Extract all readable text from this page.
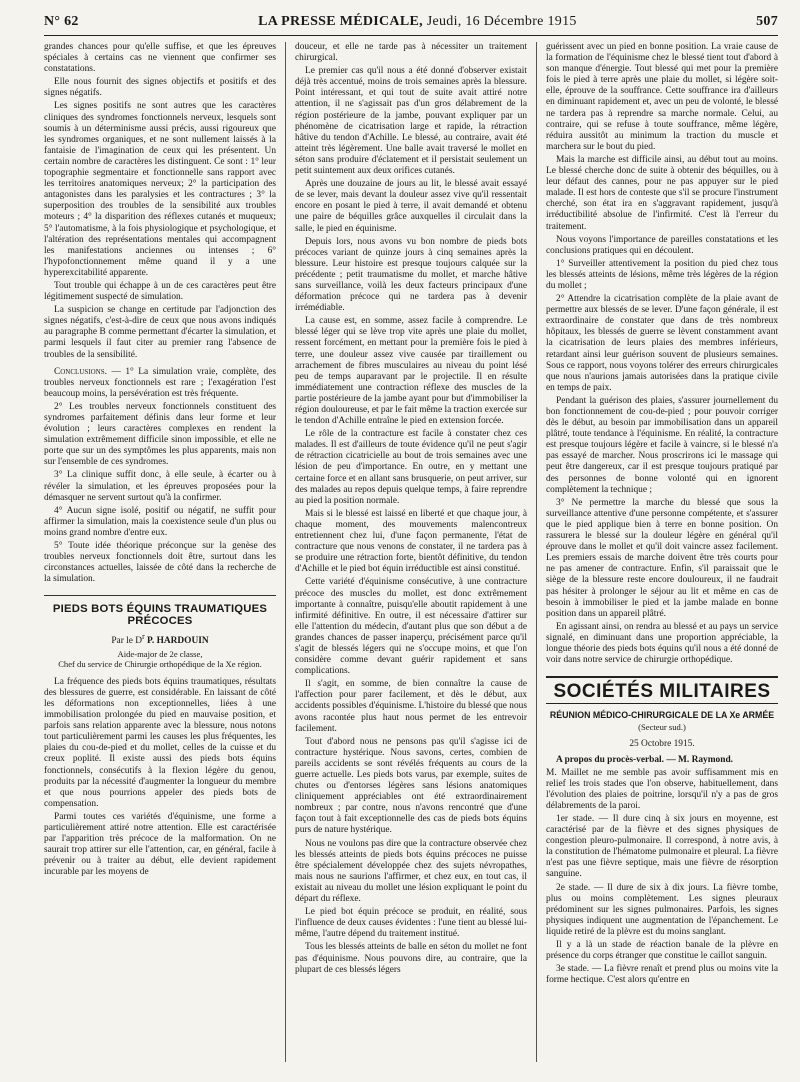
N° 62	LA PRESSE MÉDICALE, Jeudi, 16 Décembre 1915	507

grandes chances pour qu'elle suffise, et que les épreuves spéciales à certains cas ne viennent que confirmer ses constatations.

Elle nous fournit des signes objectifs et positifs et des signes négatifs.

Les signes positifs ne sont autres que les caractères cliniques des syndromes fonctionnels nerveux, lesquels sont soumis à un déterminisme aussi précis, aussi rigoureux que les syndromes organiques, et ne sont nullement laissés à la fantaisie de l'imagination de ceux qui les présentent. Un certain nombre de caractères les distinguent. Ce sont : 1° leur topographie segmentaire et fonctionnelle sans rapport avec les territoires anatomiques nerveux; 2° la participation des antagonistes dans les paralysies et les contractures ; 3° la superposition des troubles de la sensibilité aux troubles moteurs ; 4° la disparition des réflexes cutanés et muqueux; 5° l'automatisme, à la fois physiologique et psychologique, et l'altération des représentations mentales qui accompagnent les manifestations anciennes ou intenses ; 6° l'hypofonctionnement même quand il y a une hyperexcitabilité apparente.

Tout trouble qui échappe à un de ces caractères peut être légitimement suspecté de simulation.

La suspicion se change en certitude par l'adjonction des signes négatifs, c'est-à-dire de ceux que nous avons indiqués au paragraphe B comme permettant d'écarter la simulation, et parmi lesquels il faut citer au premier rang l'absence de troubles de la sensibilité.

Conclusions. — 1° La simulation vraie, complète, des troubles nerveux fonctionnels est rare ; l'exagération l'est beaucoup moins, la persévération est très fréquente.

2° Les troubles nerveux fonctionnels constituent des syndromes parfaitement définis dans leur forme et leur évolution ; leurs caractères complexes en rendent la simulation extrêmement difficile sinon impossible, et elle ne porte que sur un des symptômes les plus apparents, mais non sur l'ensemble de ces syndromes.

3° La clinique suffit donc, à elle seule, à écarter ou à révéler la simulation, et les épreuves proposées pour la démasquer ne servent surtout qu'à la confirmer.

4° Aucun signe isolé, positif ou négatif, ne suffit pour affirmer la simulation, mais la coexistence seule d'un plus ou moins grand nombre d'entre eux.

5° Toute idée théorique préconçue sur la genèse des troubles nerveux fonctionnels doit être, surtout dans les circonstances actuelles, laissée de côté dans la recherche de la simulation.

PIEDS BOTS ÉQUINS TRAUMATIQUES PRÉCOCES
Par le $D^r$ P. HARDOUIN
Aide-major de 2e classe,
Chef du service de Chirurgie orthopédique de la Xe région.

La fréquence des pieds bots équins traumatiques, résultats des blessures de guerre, est considérable. En laissant de côté les déformations non exceptionnelles, liées à une immobilisation prolongée du pied en mauvaise position, et parfois sans relation apparente avec la blessure, nous notons tout particulièrement parmi les causes les plus fréquentes, les plaies du cou-de-pied et du mollet, celles de la cuisse et du creux poplité. Il existe aussi des pieds bots équins fonctionnels, consécutifs à la flexion légère du genou, produits par la nécessité d'augmenter la longueur du membre et que nous pourrions appeler des pieds bots de compensation.

Parmi toutes ces variétés d'équinisme, une forme a particulièrement attiré notre attention. Elle est caractérisée par l'apparition très précoce de la malformation. On ne saurait trop attirer sur elle l'attention, car, en général, facile à prévenir ou à traiter au début, elle devient rapidement incurable par les moyens de

douceur, et elle ne tarde pas à nécessiter un traitement chirurgical.

Le premier cas qu'il nous a été donné d'observer existait déjà très accentué, moins de trois semaines après la blessure. Point intéressant, et qui tout de suite avait attiré notre attention, il ne s'agissait pas d'un gros délabrement de la région postérieure de la jambe, pouvant expliquer par un phénomène de cicatrisation large et rapide, la rétraction hâtive du tendon d'Achille. Le blessé, au contraire, avait été atteint très légèrement. Une balle avait traversé le mollet en séton sans produire d'éclatement et il persistait seulement un petit suintement aux deux orifices cutanés.

Après une douzaine de jours au lit, le blessé avait essayé de se lever, mais devant la douleur assez vive qu'il ressentait encore en posant le pied à terre, il avait demandé et obtenu une paire de béquilles grâce auxquelles il circulait dans la salle, le pied en équinisme.

Depuis lors, nous avons vu bon nombre de pieds bots précoces variant de quinze jours à cinq semaines après la blessure. Leur histoire est presque toujours calquée sur la précédente ; petit traumatisme du mollet, et marche hâtive sans surveillance, voilà les deux facteurs principaux d'une déformation précoce qui ne tardera pas à devenir irrémédiable.

La cause est, en somme, assez facile à comprendre. Le blessé léger qui se lève trop vite après une plaie du mollet, ressent forcément, en mettant pour la première fois le pied à terre, une douleur assez vive causée par tiraillement ou arrachement de fibres musculaires au niveau du point lésé peu de temps auparavant par le projectile. Il en résulte immédiatement une contraction réflexe des muscles de la partie postérieure de la jambe ayant pour but d'immobiliser la région douloureuse, et par le fait même la traction exercée sur le tendon d'Achille entraîne le pied en extension forcée.

Le rôle de la contracture est facile à constater chez ces malades. Il est d'ailleurs de toute évidence qu'il ne peut s'agir de rétraction cicatricielle au bout de trois semaines avec une lésion de peu d'importance. En outre, en y mettant une certaine force et en allant sans brusquerie, on peut arriver, sur des malades au repos depuis quelque temps, à faire reprendre au pied la position normale.

Mais si le blessé est laissé en liberté et que chaque jour, à chaque moment, des mouvements malencontreux entretiennent chez lui, d'une façon permanente, l'état de contracture que nous venons de constater, il ne tardera pas à se produire une rétraction forte, bientôt définitive, du tendon d'Achille et le pied bot équin irréductible est ainsi constitué.

Cette variété d'équinisme consécutive, à une contracture précoce des muscles du mollet, est donc extrêmement importante à connaître, puisqu'elle aboutit rapidement à une infirmité définitive. En outre, il est nécessaire d'attirer sur elle l'attention du médecin, d'autant plus que son début a de grandes chances de passer inaperçu, précisément parce qu'il s'agit de blessés légers qui ne s'occupe moins, et que l'on considère comme devant guérir rapidement et sans complications.

Il s'agit, en somme, de bien connaître la cause de l'affection pour parer facilement, et dès le début, aux accidents possibles d'équinisme. L'histoire du blessé que nous avons racontée plus haut nous permet de les entrevoir facilement.

Tout d'abord nous ne pensons pas qu'il s'agisse ici de contracture hystérique. Nous savons, certes, combien de pareils accidents se sont révélés fréquents au cours de la guerre actuelle. Les pieds bots varus, par exemple, suites de chutes ou d'entorses légères sans lésions anatomiques cliniquement appréciables ont été extraordinairement nombreux ; par contre, nous n'avons rencontré que d'une façon tout à fait exceptionnelle des cas de pieds bots équins purs de nature hystérique.

Nous ne voulons pas dire que la contracture observée chez les blessés atteints de pieds bots équins précoces ne puisse être spécialement développée chez des sujets névropathes, mais nous ne saurions l'affirmer, et chez eux, en tout cas, il existait au niveau du mollet une lésion expliquant le point du départ du réflexe.

Le pied bot équin précoce se produit, en réalité, sous l'influence de deux causes évidentes : l'une tient au blessé lui-même, l'autre dépend du traitement institué.

Tous les blessés atteints de balle en séton du mollet ne font pas d'équinisme. Nous pouvons dire, au contraire, que la plupart de ces blessés légers

guérissent avec un pied en bonne position. La vraie cause de la formation de l'équinisme chez le blessé tient tout d'abord à son manque d'énergie. Tout blessé qui met pour la première fois le pied à terre après une plaie du mollet, si légère soit-elle, éprouve de la souffrance. Cette souffrance ira d'ailleurs en diminuant rapidement et, avec un peu de volonté, le blessé ne tardera pas à reprendre sa marche normale. Celui, au contraire, qui se refuse à toute souffrance, même légère, réduira aussitôt au minimum la traction du muscle et marchera sur le bout du pied.

Mais la marche est difficile ainsi, au début tout au moins. Le blessé cherche donc de suite à obtenir des béquilles, ou à leur défaut des cannes, pour ne pas appuyer sur le pied malade. Il est hors de conteste que s'il se procure l'instrument cherché, son état ira en s'aggravant rapidement, jusqu'à irréductibilité absolue de l'infirmité. C'est là l'erreur du traitement.

Nous voyons l'importance de pareilles constatations et les conclusions pratiques qui en découlent.

1° Surveiller attentivement la position du pied chez tous les blessés atteints de lésions, même très légères de la région du mollet ;

2° Attendre la cicatrisation complète de la plaie avant de permettre aux blessés de se lever. D'une façon générale, il est extraordinaire de constater que dans de très nombreux hôpitaux, les blessés de guerre se lèvent constamment avant la cicatrisation de leurs plaies des membres inférieurs, retardant ainsi leur guérison souvent de plusieurs semaines. Sous ce rapport, nous voyons tolérer des erreurs chirurgicales que nous n'aurions jamais autorisées dans la pratique civile en temps de paix.

Pendant la guérison des plaies, s'assurer journellement du bon fonctionnement de cou-de-pied ; pour pouvoir corriger dès le début, au besoin par immobilisation dans un appareil plâtré, toute tendance à l'équinisme. En réalité, la contracture est presque toujours légère et facile à vaincre, si le blessé n'a pas essayé de marcher. Nous proscrirons ici le massage qui peut être dangereux, car il est presque toujours pratiqué par des personnes de bonne volonté qui en ignorent complètement la technique ;

3° Ne permettre la marche du blessé que sous la surveillance attentive d'une personne compétente, et s'assurer que le pied applique bien à terre en bonne position. On rassurera le blessé sur la douleur légère en général qu'il éprouve dans le mollet et qu'il doit vaincre assez facilement. Les premiers essais de marche doivent être très courts pour ne pas amener de contracture. Enfin, s'il paraissait que le siège de la blessure reste encore douloureux, il ne faudrait pas hésiter à prolonger le séjour au lit et même en cas de besoin à immobiliser le pied et la jambe malade en bonne position dans un appareil plâtré.

En agissant ainsi, on rendra au blessé et au pays un service signalé, en diminuant dans une proportion appréciable, la longue théorie des pieds bots équins qu'il nous a été donné de voir dans notre service de chirurgie orthopédique.

SOCIÉTÉS MILITAIRES
RÉUNION MÉDICO-CHIRURGICALE DE LA Xe ARMÉE
(Secteur sud.)
25 Octobre 1915.

A propos du procès-verbal. — M. Raymond.

M. Maillet ne me semble pas avoir suffisamment mis en relief les trois stades que l'on observe, habituellement, dans l'évolution des plaies de poitrine, lorsqu'il n'y a pas de gros délabrements de la paroi.

1er stade. — Il dure cinq à six jours en moyenne, est caractérisé par de la fièvre et des signes physiques de congestion pleuro-pulmonaire. Il correspond, à notre avis, à la constitution de l'hématome pulmonaire et pleural. La fièvre n'est pas une fièvre septique, mais une fièvre de résorption sanguine.

2e stade. — Il dure de six à dix jours. La fièvre tombe, plus ou moins complètement. Les signes pleuraux prédominent sur les signes pulmonaires. Parfois, les signes physiques indiquent une augmentation de l'épanchement. Le liquide retiré de la plèvre est du moins sanglant.

Il y a là un stade de réaction banale de la plèvre en présence du corps étranger que constitue le caillot sanguin.

3e stade. — La fièvre renaît et prend plus ou moins vite la forme hectique. C'est alors qu'entre en
